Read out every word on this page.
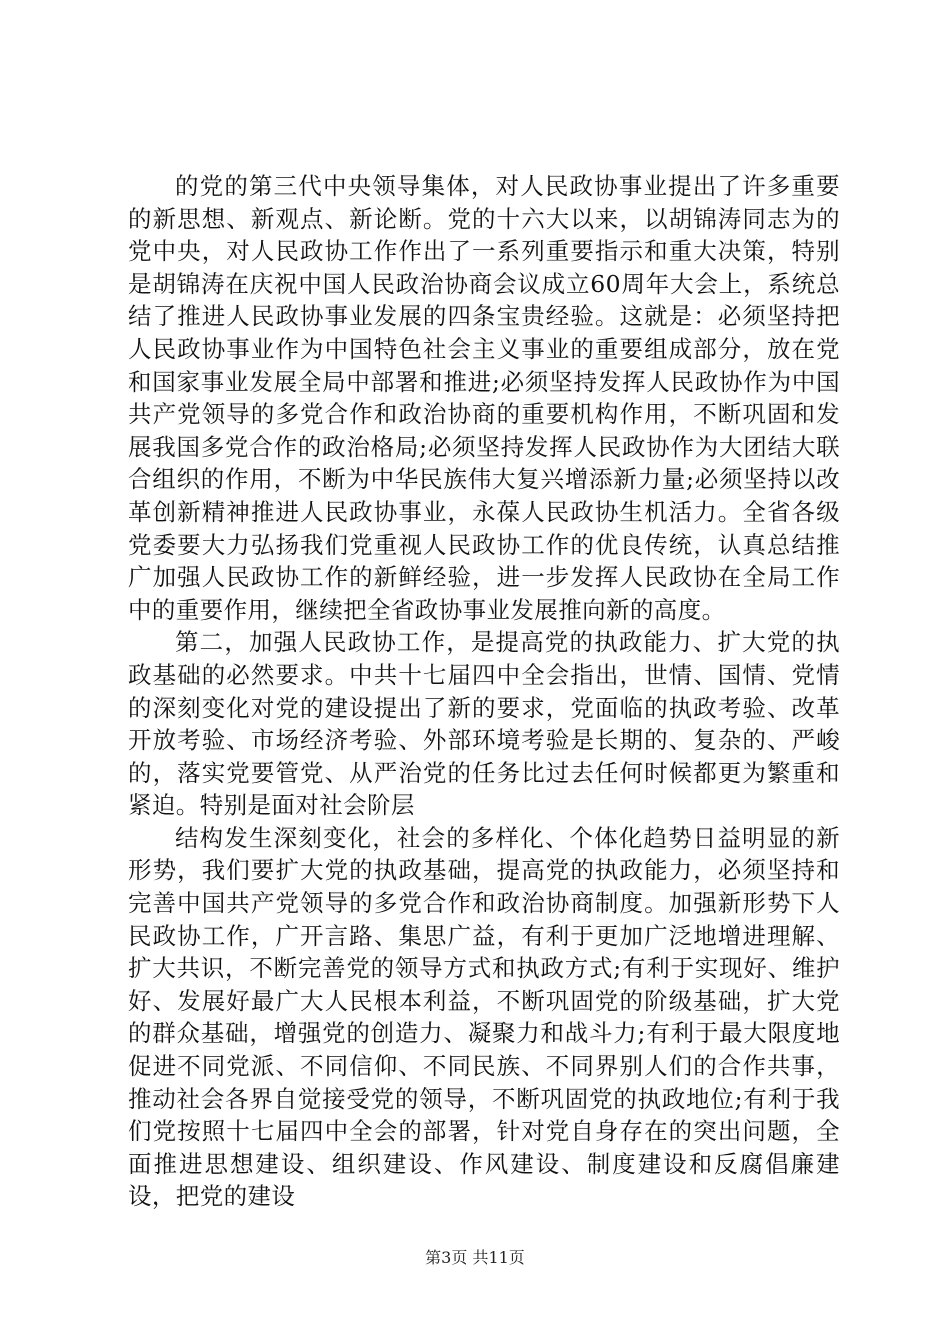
的党的第三代中央领导集体，对人民政协事业提出了许多重要的新思想、新观点、新论断。党的十六大以来，以胡锦涛同志为的党中央，对人民政协工作作出了一系列重要指示和重大决策，特别是胡锦涛在庆祝中国人民政治协商会议成立60周年大会上，系统总结了推进人民政协事业发展的四条宝贵经验。这就是：必须坚持把人民政协事业作为中国特色社会主义事业的重要组成部分，放在党和国家事业发展全局中部署和推进;必须坚持发挥人民政协作为中国共产党领导的多党合作和政治协商的重要机构作用，不断巩固和发展我国多党合作的政治格局;必须坚持发挥人民政协作为大团结大联合组织的作用，不断为中华民族伟大复兴增添新力量;必须坚持以改革创新精神推进人民政协事业，永葆人民政协生机活力。全省各级党委要大力弘扬我们党重视人民政协工作的优良传统，认真总结推广加强人民政协工作的新鲜经验，进一步发挥人民政协在全局工作中的重要作用，继续把全省政协事业发展推向新的高度。

第二，加强人民政协工作，是提高党的执政能力、扩大党的执政基础的必然要求。中共十七届四中全会指出，世情、国情、党情的深刻变化对党的建设提出了新的要求，党面临的执政考验、改革开放考验、市场经济考验、外部环境考验是长期的、复杂的、严峻的，落实党要管党、从严治党的任务比过去任何时候都更为繁重和紧迫。特别是面对社会阶层

结构发生深刻变化，社会的多样化、个体化趋势日益明显的新形势，我们要扩大党的执政基础，提高党的执政能力，必须坚持和完善中国共产党领导的多党合作和政治协商制度。加强新形势下人民政协工作，广开言路、集思广益，有利于更加广泛地增进理解、扩大共识，不断完善党的领导方式和执政方式;有利于实现好、维护好、发展好最广大人民根本利益，不断巩固党的阶级基础，扩大党的群众基础，增强党的创造力、凝聚力和战斗力;有利于最大限度地促进不同党派、不同信仰、不同民族、不同界别人们的合作共事，推动社会各界自觉接受党的领导，不断巩固党的执政地位;有利于我们党按照十七届四中全会的部署，针对党自身存在的突出问题，全面推进思想建设、组织建设、作风建设、制度建设和反腐倡廉建设，把党的建设

第3页 共11页
